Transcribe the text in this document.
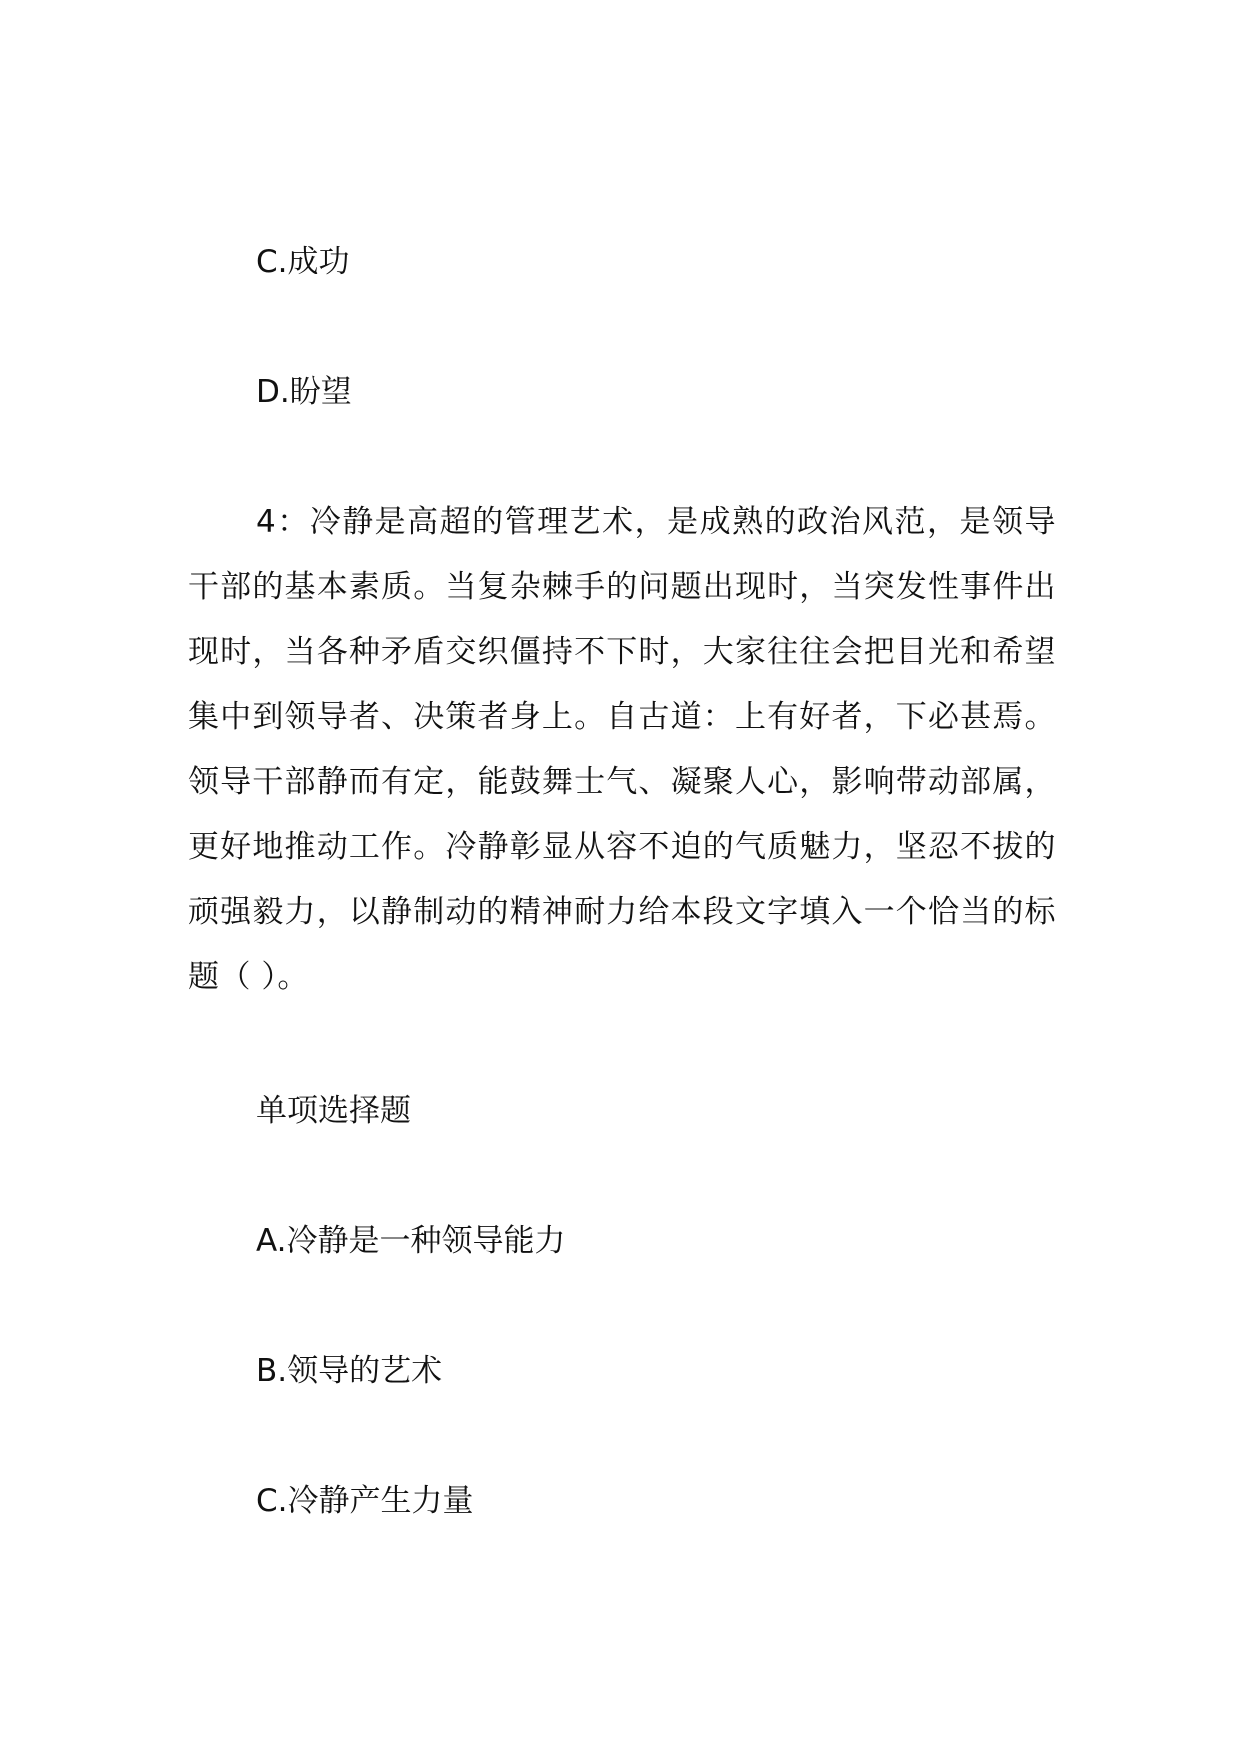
C.成功

D.盼望

4：冷静是高超的管理艺术，是成熟的政治风范，是领导干部的基本素质。当复杂棘手的问题出现时，当突发性事件出现时，当各种矛盾交织僵持不下时，大家往往会把目光和希望集中到领导者、决策者身上。自古道：上有好者，下必甚焉。领导干部静而有定，能鼓舞士气、凝聚人心，影响带动部属，更好地推动工作。冷静彰显从容不迫的气质魅力，坚忍不拔的顽强毅力，以静制动的精神耐力给本段文字填入一个恰当的标题（ ）。

单项选择题

A.冷静是一种领导能力

B.领导的艺术

C.冷静产生力量
